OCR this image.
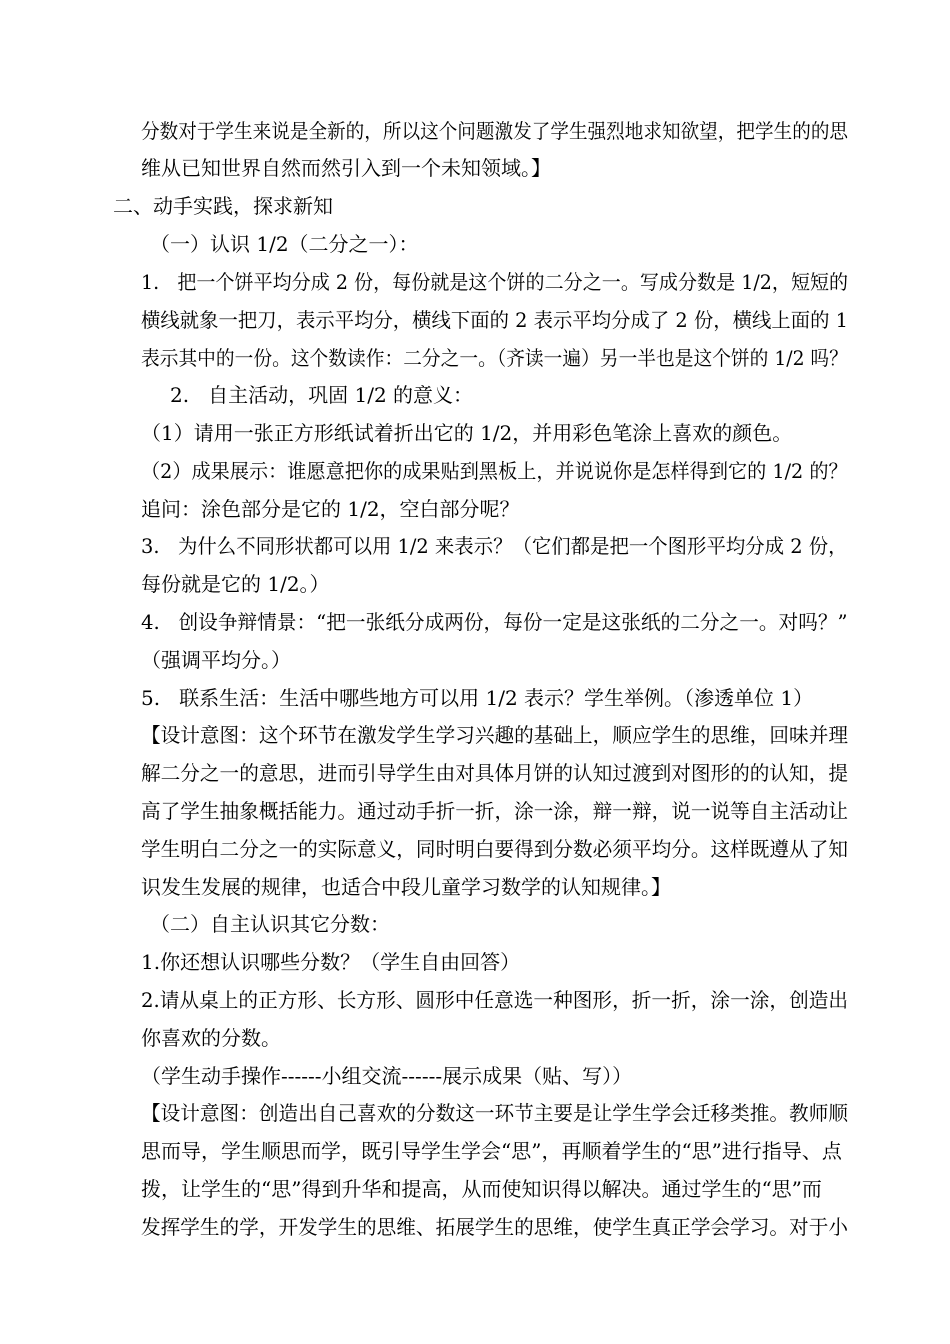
分数对于学生来说是全新的，所以这个问题激发了学生强烈地求知欲望，把学生的的思
维从已知世界自然而然引入到一个未知领域。】
二、动手实践，探求新知
（一）认识 1/2（二分之一）：
1.   把一个饼平均分成 2 份，每份就是这个饼的二分之一。写成分数是 1/2，短短的
横线就象一把刀，表示平均分，横线下面的 2 表示平均分成了 2 份，横线上面的 1
表示其中的一份。这个数读作：二分之一。（齐读一遍）另一半也是这个饼的 1/2 吗？
2.   自主活动，巩固 1/2 的意义：
（1）请用一张正方形纸试着折出它的 1/2，并用彩色笔涂上喜欢的颜色。
（2）成果展示：谁愿意把你的成果贴到黑板上，并说说你是怎样得到它的 1/2 的？
追问：涂色部分是它的 1/2，空白部分呢？
3.   为什么不同形状都可以用 1/2 来表示？（它们都是把一个图形平均分成 2 份，
每份就是它的 1/2。）
4.   创设争辩情景：“把一张纸分成两份，每份一定是这张纸的二分之一。对吗？”
（强调平均分。）
5.   联系生活：生活中哪些地方可以用 1/2 表示？学生举例。（渗透单位 1）
【设计意图：这个环节在激发学生学习兴趣的基础上，顺应学生的思维，回味并理
解二分之一的意思，进而引导学生由对具体月饼的认知过渡到对图形的的认知，提
高了学生抽象概括能力。通过动手折一折，涂一涂，辩一辩，说一说等自主活动让
学生明白二分之一的实际意义，同时明白要得到分数必须平均分。这样既遵从了知
识发生发展的规律，也适合中段儿童学习数学的认知规律。】
（二）自主认识其它分数：
1.你还想认识哪些分数？（学生自由回答）
2.请从桌上的正方形、长方形、圆形中任意选一种图形，折一折，涂一涂，创造出
你喜欢的分数。
（学生动手操作------小组交流------展示成果（贴、写））
【设计意图：创造出自己喜欢的分数这一环节主要是让学生学会迁移类推。教师顺
思而导，学生顺思而学，既引导学生学会“思”，再顺着学生的“思”进行指导、点
拨，让学生的“思”得到升华和提高，从而使知识得以解决。通过学生的“思”而
发挥学生的学，开发学生的思维、拓展学生的思维，使学生真正学会学习。对于小
